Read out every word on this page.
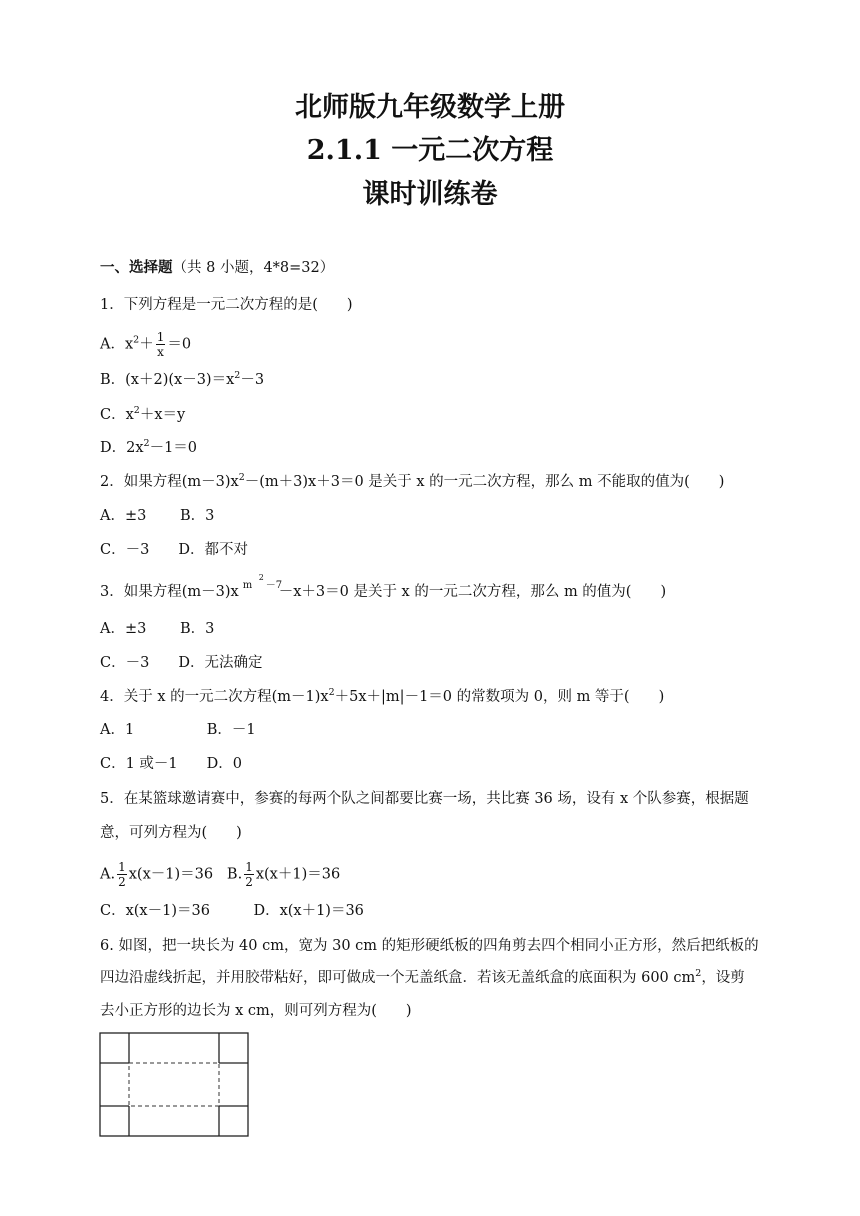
北师版九年级数学上册
2.1.1 一元二次方程
课时训练卷

一、选择题（共 8 小题，4*8=32）

1．下列方程是一元二次方程的是(　　)

A．$x^2+ \frac{1}{x} =0$

B．$(x+2)(x-3)=x^2-3$

C．$x^2+x=y$

D．$2x^2-1=0$

2．如果方程$(m-3)x^2-(m+3)x+3=0$ 是关于 x 的一元二次方程，那么 m 不能取的值为(　　)

A．±3　　 B．3

C．－3　　D．都不对

3．如果方程(m－3)x m
2
－7
－x＋3＝0 是关于 x 的一元二次方程，那么 m 的值为(　　)

A．±3　　 B．3

C．－3　　D．无法确定

4．关于 x 的一元二次方程$(m-1)x^2+5x+|m|-1=0$ 的常数项为 0，则 m 等于(　　)

A．1　　　　　B．－1

C．1 或－1　　D．0

5．在某篮球邀请赛中，参赛的每两个队之间都要比赛一场，共比赛 36 场，设有 x 个队参赛，根据题

意，可列方程为(　　)

A. $\frac{1}{2} x(x-1)=36$ B. $\frac{1}{2} x(x+1)=36$

C．x(x－1)＝36　　　D．x(x＋1)＝36

6. 如图，把一块长为 40 cm，宽为 30 cm 的矩形硬纸板的四角剪去四个相同小正方形，然后把纸板的

四边沿虚线折起，并用胶带粘好，即可做成一个无盖纸盒．若该无盖纸盒的底面积为 600 $cm^2$，设剪

去小正方形的边长为 x cm，则可列方程为(　　)
